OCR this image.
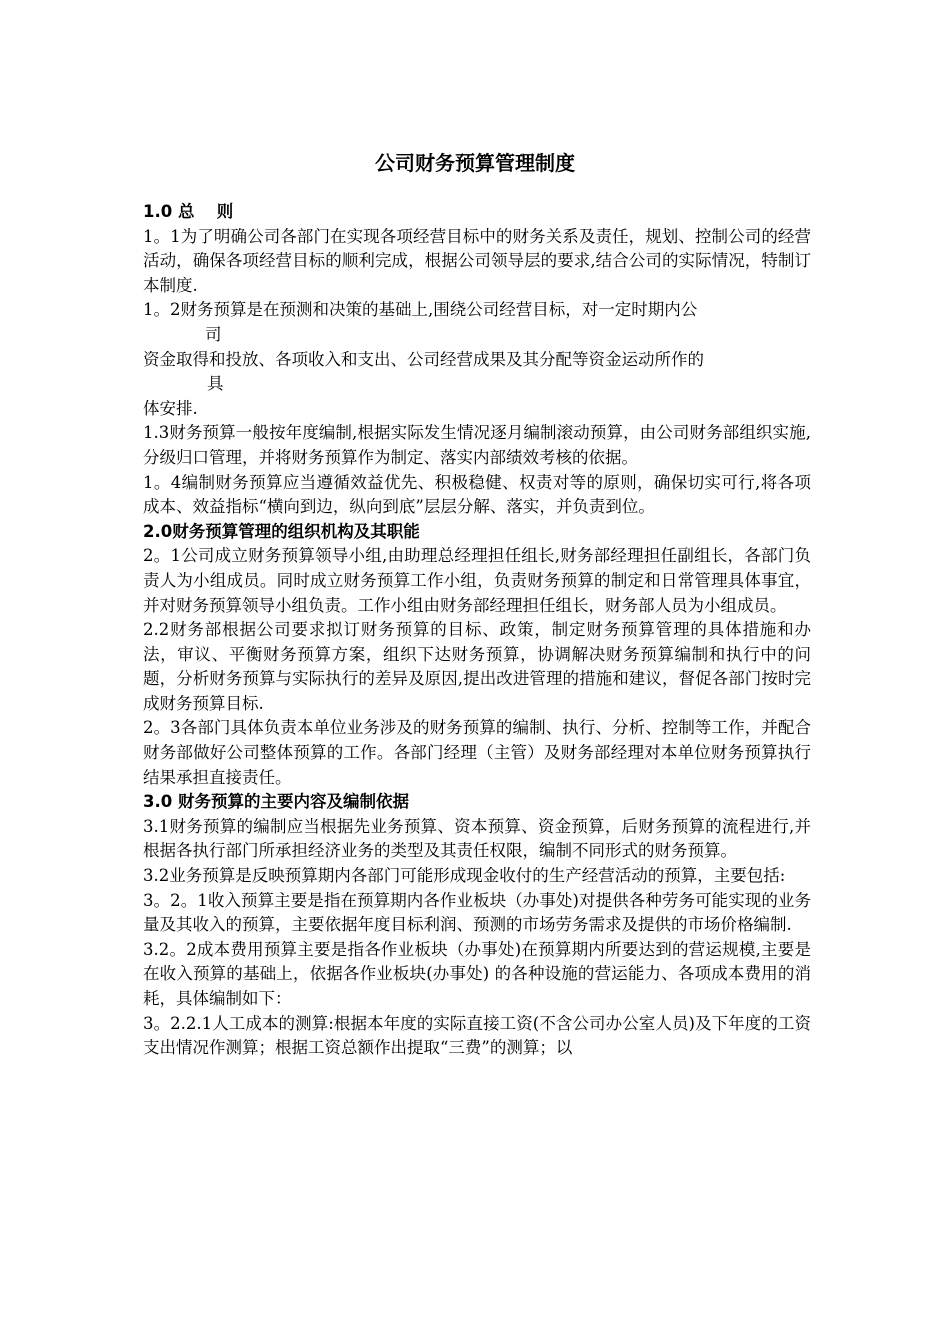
公司财务预算管理制度

1.0 总　 则

1。1为了明确公司各部门在实现各项经营目标中的财务关系及责任，规划、控制公司的经营活动，确保各项经营目标的顺利完成，根据公司领导层的要求,结合公司的实际情况，特制订本制度.

1。2财务预算是在预测和决策的基础上,围绕公司经营目标，对一定时期内公
司

资金取得和投放、各项收入和支出、公司经营成果及其分配等资金运动所作的
具

体安排.

1.3财务预算一般按年度编制,根据实际发生情况逐月编制滚动预算，由公司财务部组织实施,分级归口管理，并将财务预算作为制定、落实内部绩效考核的依据。

1。4编制财务预算应当遵循效益优先、积极稳健、权责对等的原则，确保切实可行,将各项成本、效益指标“横向到边，纵向到底”层层分解、落实，并负责到位。

2.0财务预算管理的组织机构及其职能

2。1公司成立财务预算领导小组,由助理总经理担任组长,财务部经理担任副组长，各部门负责人为小组成员。同时成立财务预算工作小组，负责财务预算的制定和日常管理具体事宜，并对财务预算领导小组负责。工作小组由财务部经理担任组长，财务部人员为小组成员。

2.2财务部根据公司要求拟订财务预算的目标、政策，制定财务预算管理的具体措施和办法，审议、平衡财务预算方案，组织下达财务预算，协调解决财务预算编制和执行中的问题，分析财务预算与实际执行的差异及原因,提出改进管理的措施和建议，督促各部门按时完成财务预算目标.

2。3各部门具体负责本单位业务涉及的财务预算的编制、执行、分析、控制等工作，并配合财务部做好公司整体预算的工作。各部门经理（主管）及财务部经理对本单位财务预算执行结果承担直接责任。

3.0 财务预算的主要内容及编制依据

3.1财务预算的编制应当根据先业务预算、资本预算、资金预算，后财务预算的流程进行,并根据各执行部门所承担经济业务的类型及其责任权限，编制不同形式的财务预算。

3.2业务预算是反映预算期内各部门可能形成现金收付的生产经营活动的预算，主要包括:

3。2。1收入预算主要是指在预算期内各作业板块（办事处)对提供各种劳务可能实现的业务量及其收入的预算，主要依据年度目标利润、预测的市场劳务需求及提供的市场价格编制.

3.2。2成本费用预算主要是指各作业板块（办事处)在预算期内所要达到的营运规模,主要是在收入预算的基础上，依据各作业板块(办事处) 的各种设施的营运能力、各项成本费用的消耗，具体编制如下：

3。2.2.1人工成本的测算:根据本年度的实际直接工资(不含公司办公室人员)及下年度的工资支出情况作测算；根据工资总额作出提取“三费”的测算；以
